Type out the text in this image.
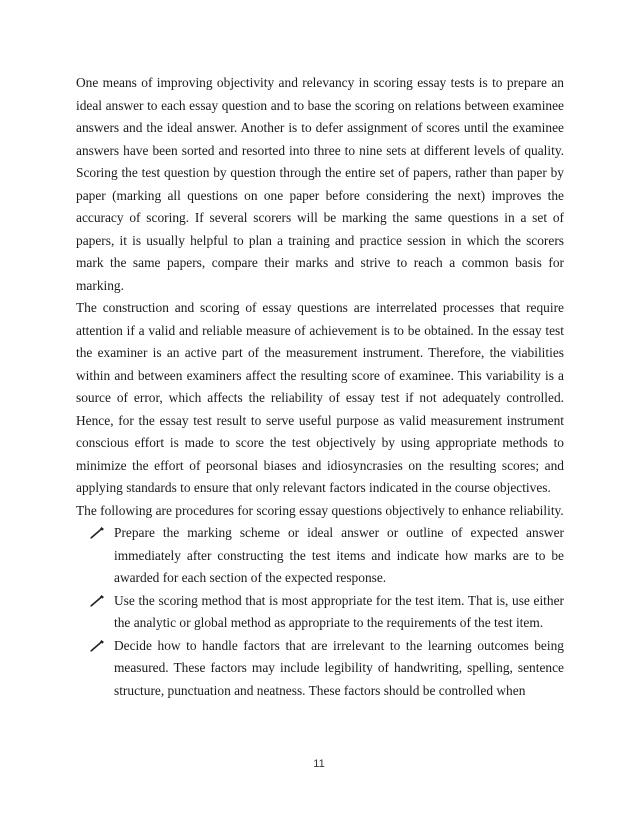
One means of improving objectivity and relevancy in scoring essay tests is to prepare an ideal answer to each essay question and to base the scoring on relations between examinee answers and the ideal answer. Another is to defer assignment of scores until the examinee answers have been sorted and resorted into three to nine sets at different levels of quality. Scoring the test question by question through the entire set of papers, rather than paper by paper (marking all questions on one paper before considering the next) improves the accuracy of scoring. If several scorers will be marking the same questions in a set of papers, it is usually helpful to plan a training and practice session in which the scorers mark the same papers, compare their marks and strive to reach a common basis for marking.

The construction and scoring of essay questions are interrelated processes that require attention if a valid and reliable measure of achievement is to be obtained. In the essay test the examiner is an active part of the measurement instrument. Therefore, the viabilities within and between examiners affect the resulting score of examinee. This variability is a source of error, which affects the reliability of essay test if not adequately controlled. Hence, for the essay test result to serve useful purpose as valid measurement instrument conscious effort is made to score the test objectively by using appropriate methods to minimize the effort of peorsonal biases and idiosyncrasies on the resulting scores; and applying standards to ensure that only relevant factors indicated in the course objectives.

The following are procedures for scoring essay questions objectively to enhance reliability.

Prepare the marking scheme or ideal answer or outline of expected answer immediately after constructing the test items and indicate how marks are to be awarded for each section of the expected response.
Use the scoring method that is most appropriate for the test item. That is, use either the analytic or global method as appropriate to the requirements of the test item.
Decide how to handle factors that are irrelevant to the learning outcomes being measured. These factors may include legibility of handwriting, spelling, sentence structure, punctuation and neatness. These factors should be controlled when
11
